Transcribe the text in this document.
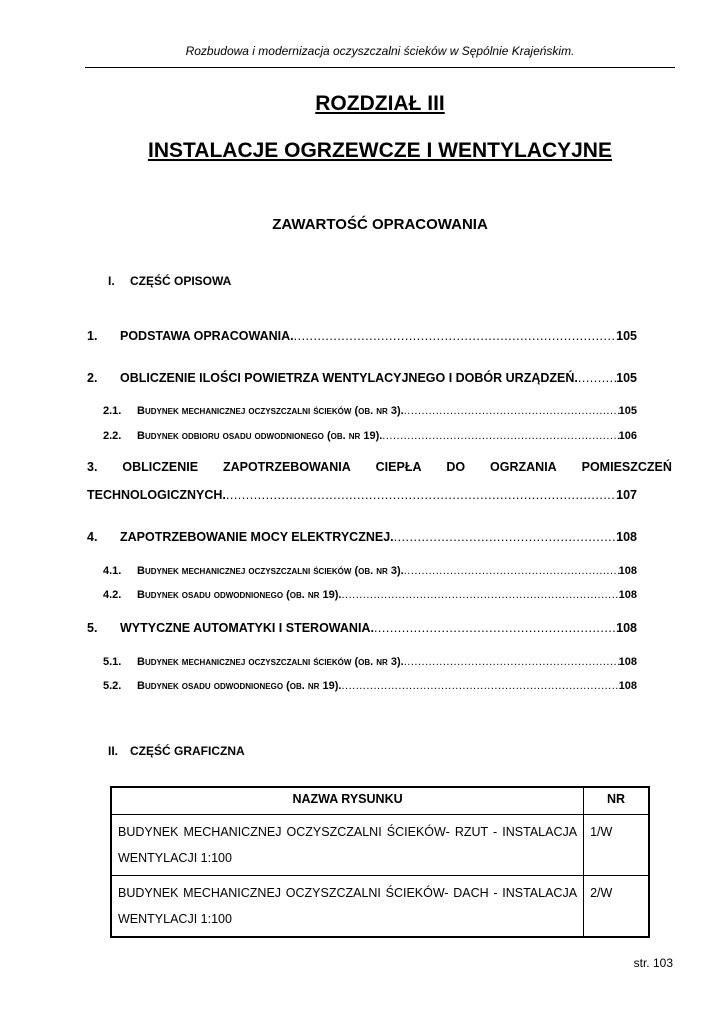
Rozbudowa i modernizacja oczyszczalni ścieków w Sępólnie Krajeńskim.
ROZDZIAŁ III
INSTALACJE OGRZEWCZE I WENTYLACYJNE
ZAWARTOŚĆ OPRACOWANIA
I. CZĘŚĆ OPISOWA
1.	PODSTAWA OPRACOWANIA. .....	105
2.	OBLICZENIE ILOŚCI POWIETRZA WENTYLACYJNEGO I DOBÓR URZĄDZEŃ. .....	105
2.1.	Budynek mechanicznej oczyszczalni ścieków (ob. nr 3). .....	105
2.2.	Budynek odbioru osadu odwodnionego (ob. nr 19). .....	106
3. OBLICZENIE ZAPOTRZEBOWANIA CIEPŁA DO OGRZANIA POMIESZCZEŃ
TECHNOLOGICZNYCH. .....	107
4.	ZAPOTRZEBOWANIE MOCY ELEKTRYCZNEJ. .....	108
4.1.	Budynek mechanicznej oczyszczalni ścieków (ob. nr 3). .....	108
4.2.	Budynek osadu odwodnionego (ob. nr 19). .....	108
5.	WYTYCZNE AUTOMATYKI I STEROWANIA. .....	108
5.1.	Budynek mechanicznej oczyszczalni ścieków (ob. nr 3). .....	108
5.2.	Budynek osadu odwodnionego (ob. nr 19). .....	108
II. CZĘŚĆ GRAFICZNA
NAZWA RYSUNKU	NR
BUDYNEK MECHANICZNEJ OCZYSZCZALNI ŚCIEKÓW- RZUT - INSTALACJA WENTYLACJI 1:100	1/W
BUDYNEK MECHANICZNEJ OCZYSZCZALNI ŚCIEKÓW- DACH - INSTALACJA WENTYLACJI 1:100	2/W
str. 103
